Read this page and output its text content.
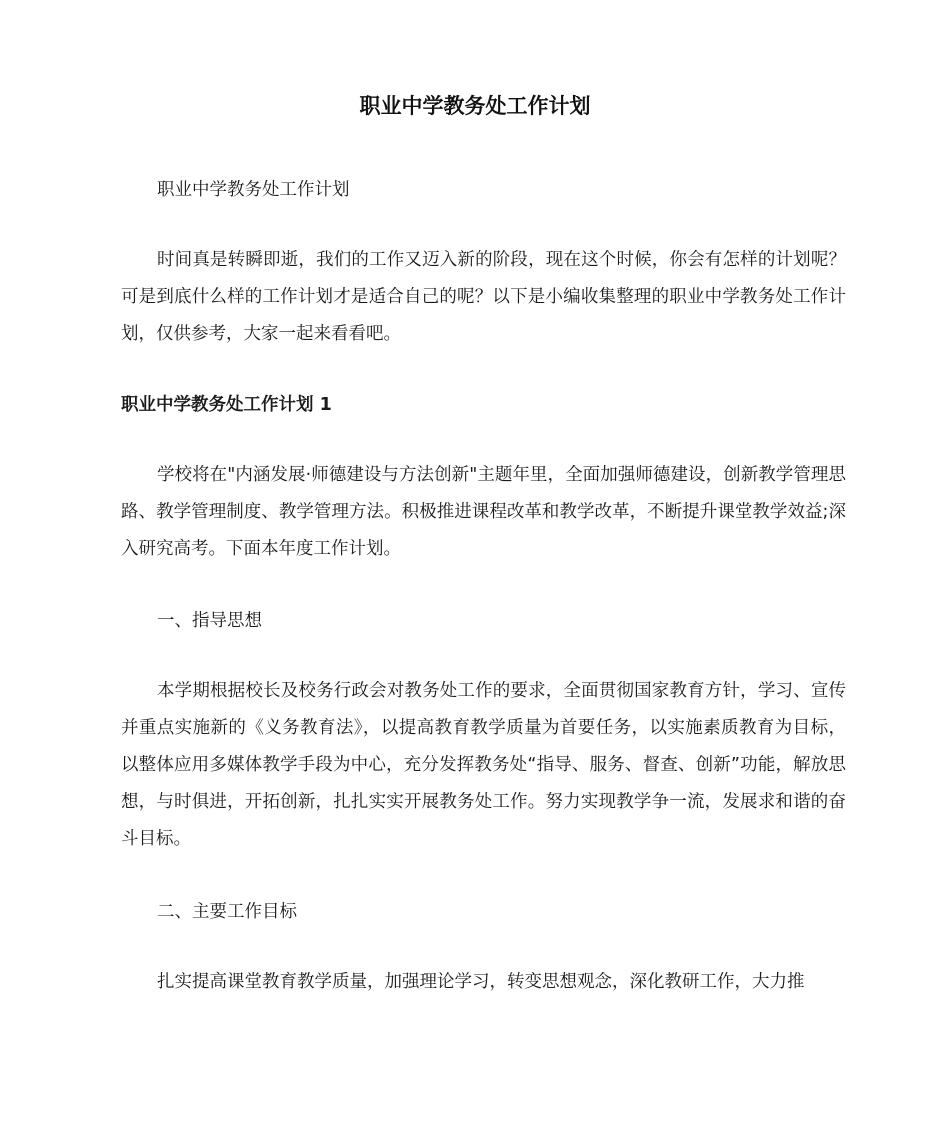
职业中学教务处工作计划

职业中学教务处工作计划

时间真是转瞬即逝，我们的工作又迈入新的阶段，现在这个时候，你会有怎样的计划呢？可是到底什么样的工作计划才是适合自己的呢？以下是小编收集整理的职业中学教务处工作计划，仅供参考，大家一起来看看吧。

职业中学教务处工作计划 1

学校将在"内涵发展·师德建设与方法创新"主题年里，全面加强师德建设，创新教学管理思路、教学管理制度、教学管理方法。积极推进课程改革和教学改革，不断提升课堂教学效益;深入研究高考。下面本年度工作计划。

一、指导思想

本学期根据校长及校务行政会对教务处工作的要求，全面贯彻国家教育方针，学习、宣传并重点实施新的《义务教育法》，以提高教育教学质量为首要任务，以实施素质教育为目标，以整体应用多媒体教学手段为中心，充分发挥教务处“指导、服务、督查、创新”功能，解放思想，与时俱进，开拓创新，扎扎实实开展教务处工作。努力实现教学争一流，发展求和谐的奋斗目标。

二、主要工作目标

扎实提高课堂教育教学质量，加强理论学习，转变思想观念，深化教研工作，大力推
